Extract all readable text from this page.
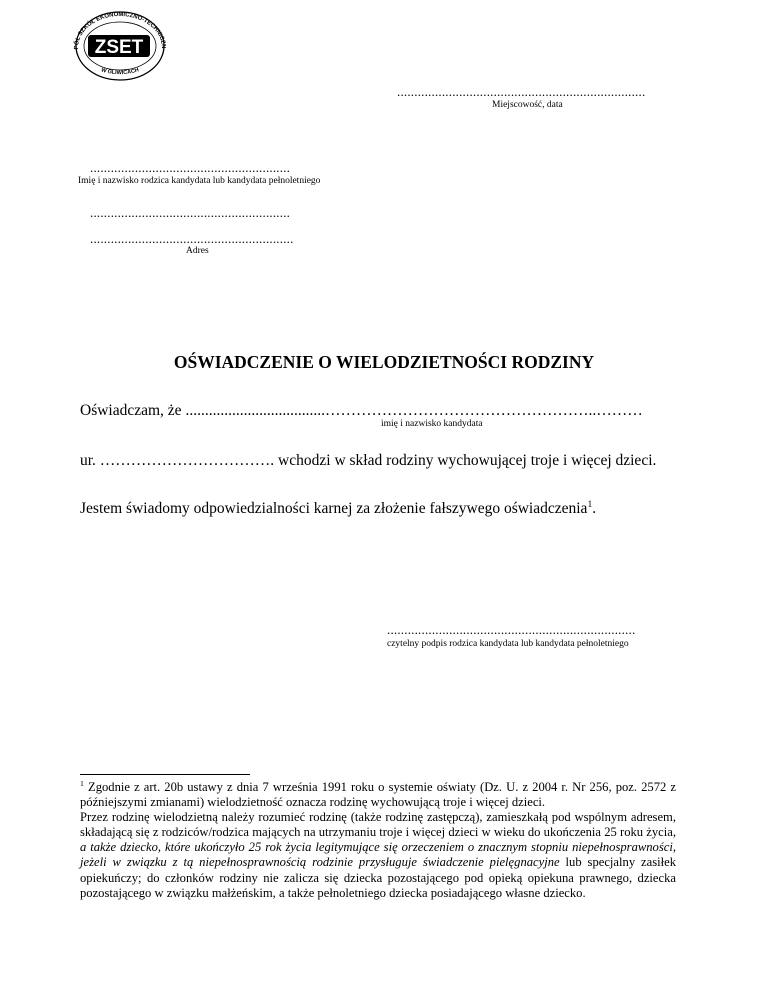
PÓŁ SZKÓŁ EKONOMICZNO-TECHNICZN
W GLIWICACH
ZSET
........................................................................
Miejscowość, data
..........................................................
Imię i nazwisko rodzica kandydata lub kandydata pełnoletniego
..........................................................
...........................................................
Adres
OŚWIADCZENIE O WIELODZIETNOŚCI RODZINY
Oświadczam, że ....................................……………………………………………..………
imię i nazwisko kandydata
ur. ……………………………. wchodzi w skład rodziny wychowującej troje i więcej dzieci.
Jestem świadomy odpowiedzialności karnej za złożenie fałszywego oświadczenia$^1$.
........................................................................
czytelny podpis rodzica kandydata lub kandydata pełnoletniego
$^1$ Zgodnie z art. 20b ustawy z dnia 7 września 1991 roku o systemie oświaty (Dz. U. z 2004 r. Nr 256, poz. 2572 z późniejszymi zmianami) wielodzietność oznacza rodzinę wychowującą troje i więcej dzieci.
Przez rodzinę wielodzietną należy rozumieć rodzinę (także rodzinę zastępczą), zamieszkałą pod wspólnym adresem, składającą się z rodziców/rodzica mających na utrzymaniu troje i więcej dzieci w wieku do ukończenia 25 roku życia, a także dziecko, które ukończyło 25 rok życia legitymujące się orzeczeniem o znacznym stopniu niepełnosprawności, jeżeli w związku z tą niepełnosprawnością rodzinie przysługuje świadczenie pielęgnacyjne lub specjalny zasiłek opiekuńczy; do członków rodziny nie zalicza się dziecka pozostającego pod opieką opiekuna prawnego, dziecka pozostającego w związku małżeńskim, a także pełnoletniego dziecka posiadającego własne dziecko.
